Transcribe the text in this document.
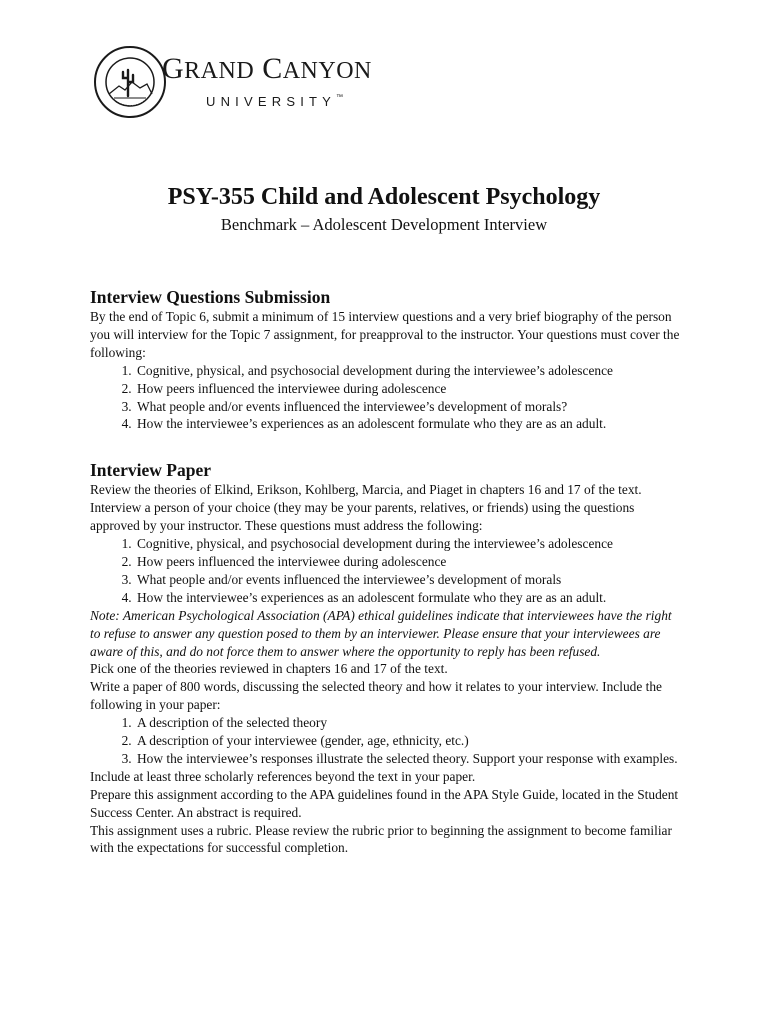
GRAND CANYON
UNIVERSITY™
PSY-355 Child and Adolescent Psychology
Benchmark – Adolescent Development Interview
Interview Questions Submission

By the end of Topic 6, submit a minimum of 15 interview questions and a very brief biography of the person you will interview for the Topic 7 assignment, for preapproval to the instructor. Your questions must cover the following:

1. Cognitive, physical, and psychosocial development during the interviewee’s adolescence
2. How peers influenced the interviewee during adolescence
3. What people and/or events influenced the interviewee’s development of morals?
4. How the interviewee’s experiences as an adolescent formulate who they are as an adult.
Interview Paper

Review the theories of Elkind, Erikson, Kohlberg, Marcia, and Piaget in chapters 16 and 17 of the text.

Interview a person of your choice (they may be your parents, relatives, or friends) using the questions approved by your instructor. These questions must address the following:

1. Cognitive, physical, and psychosocial development during the interviewee’s adolescence
2. How peers influenced the interviewee during adolescence
3. What people and/or events influenced the interviewee’s development of morals
4. How the interviewee’s experiences as an adolescent formulate who they are as an adult.

Note: American Psychological Association (APA) ethical guidelines indicate that interviewees have the right to refuse to answer any question posed to them by an interviewer. Please ensure that your interviewees are aware of this, and do not force them to answer where the opportunity to reply has been refused.

Pick one of the theories reviewed in chapters 16 and 17 of the text.

Write a paper of 800 words, discussing the selected theory and how it relates to your interview. Include the following in your paper:

1. A description of the selected theory
2. A description of your interviewee (gender, age, ethnicity, etc.)
3. How the interviewee’s responses illustrate the selected theory. Support your response with examples.

Include at least three scholarly references beyond the text in your paper.

Prepare this assignment according to the APA guidelines found in the APA Style Guide, located in the Student Success Center. An abstract is required.

This assignment uses a rubric. Please review the rubric prior to beginning the assignment to become familiar with the expectations for successful completion.
